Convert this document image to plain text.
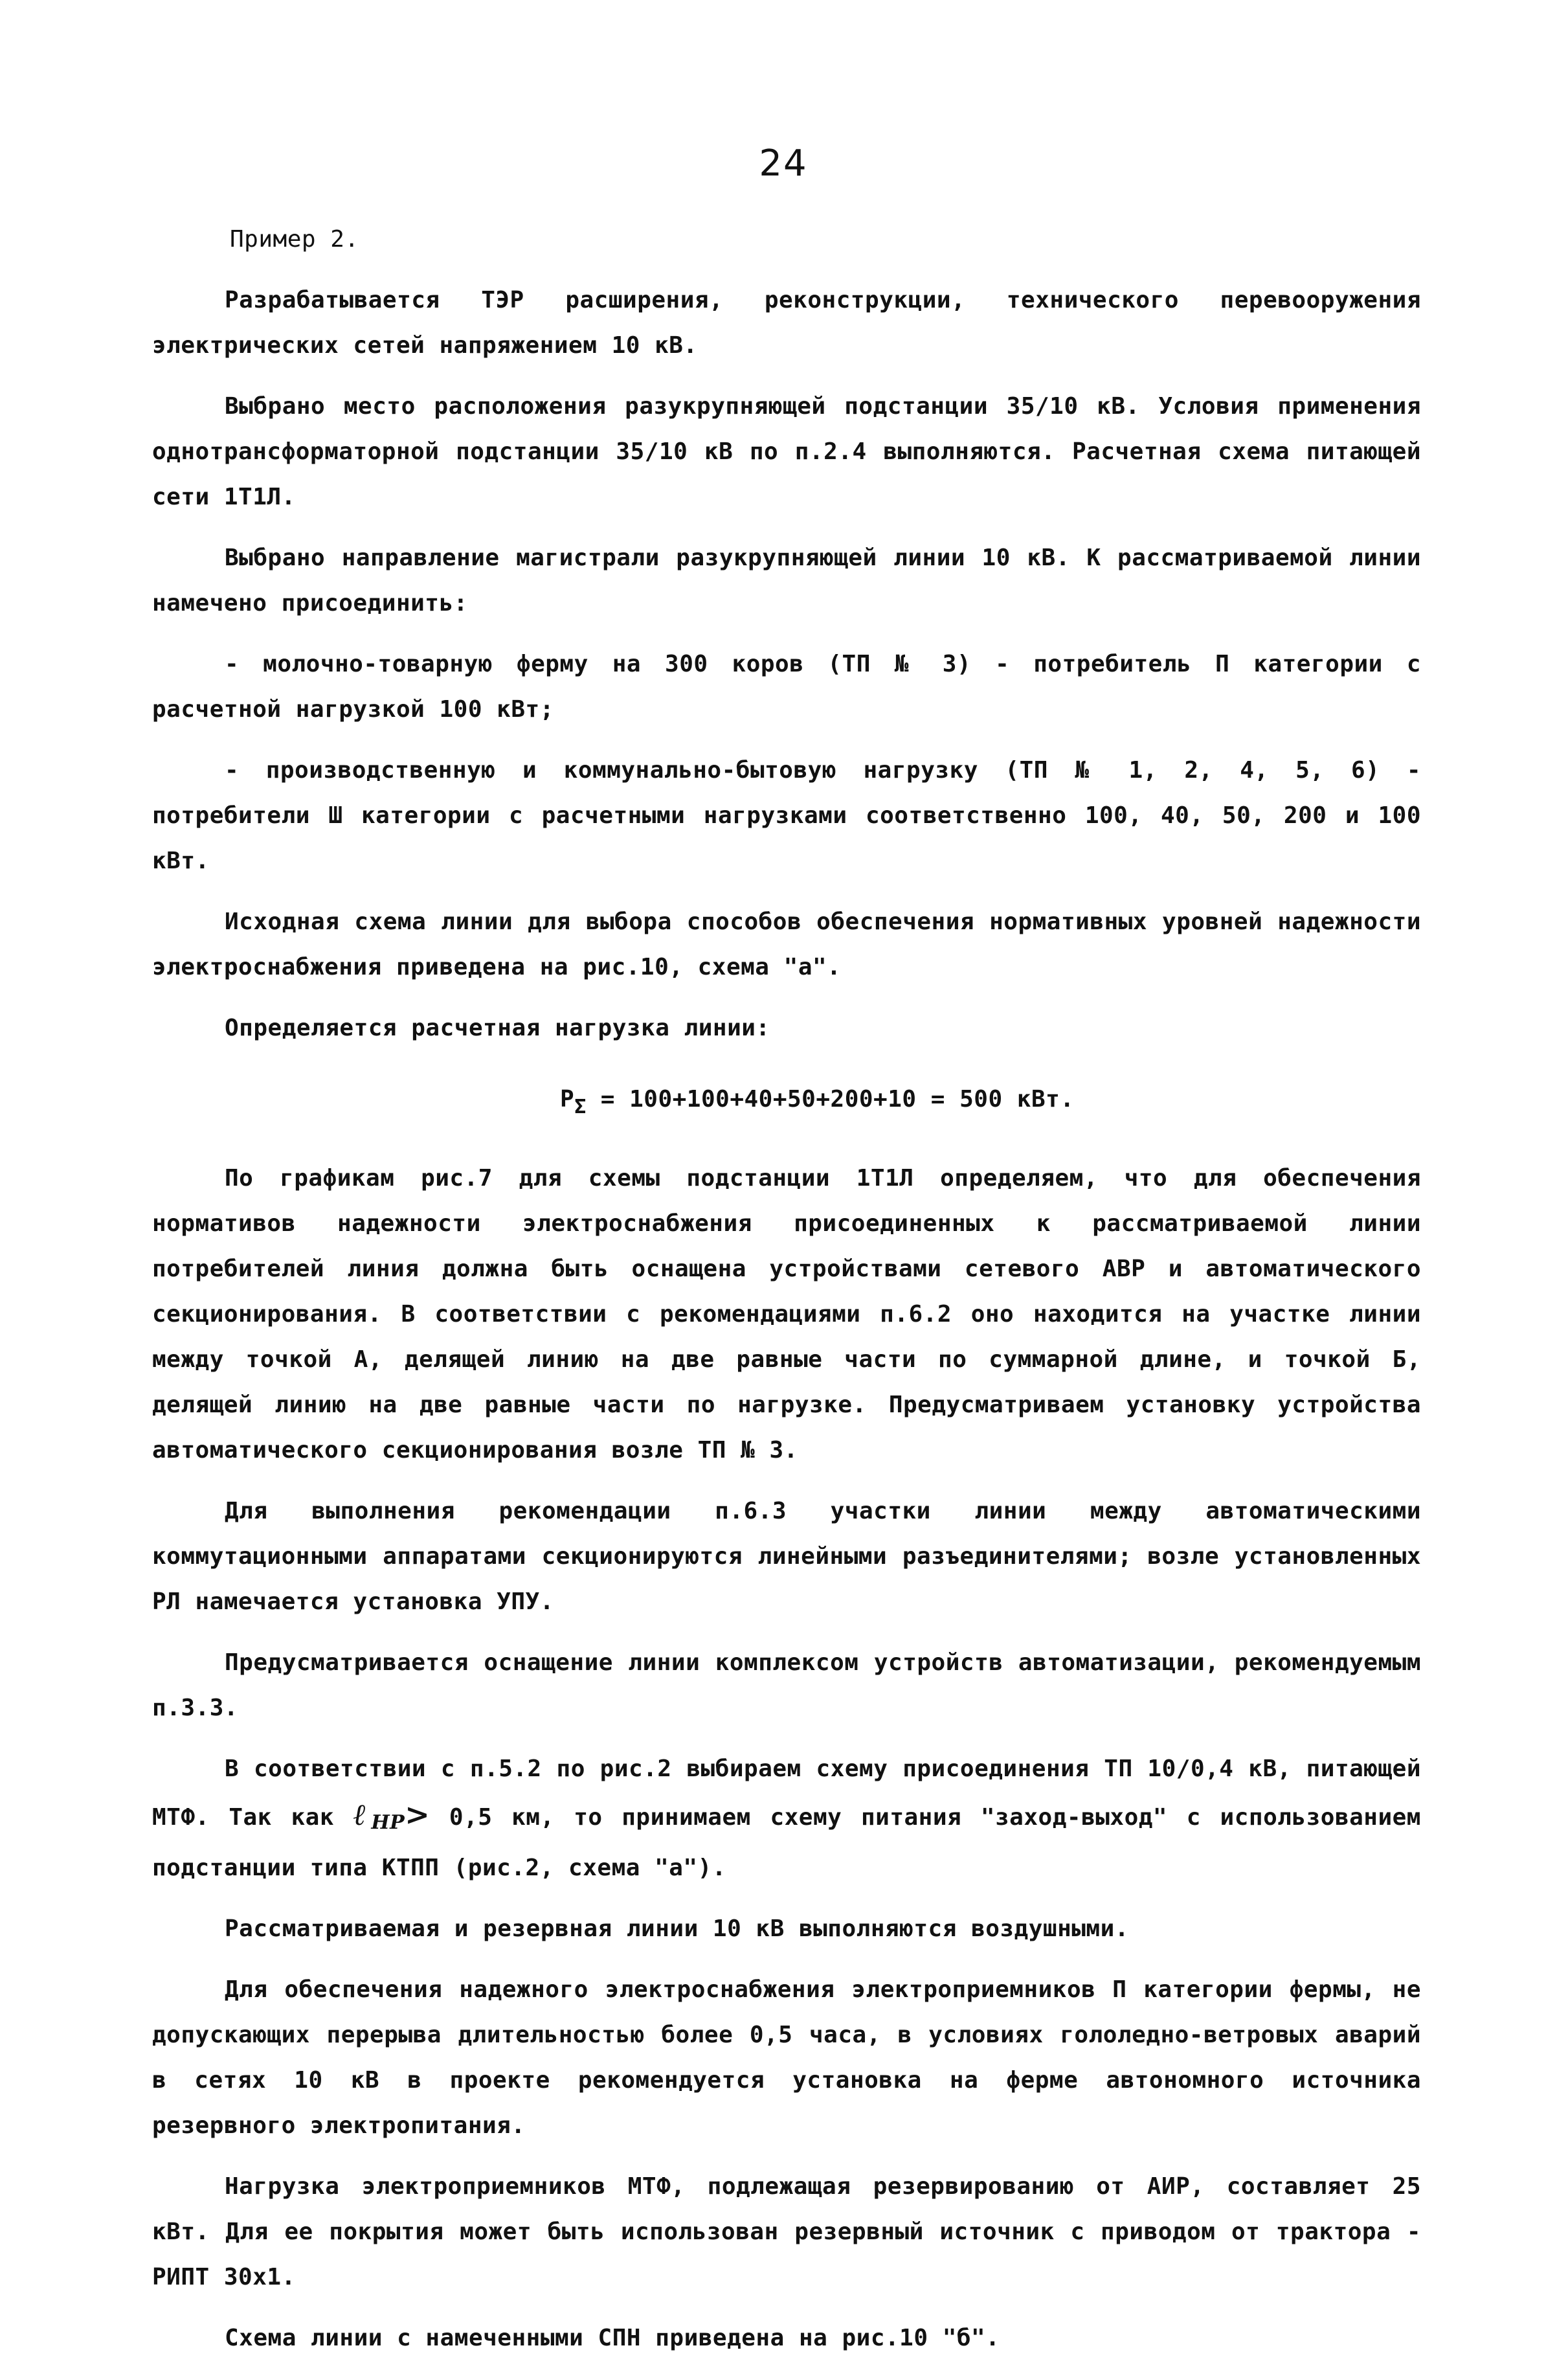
24

Пример 2.

Разрабатывается ТЭР расширения, реконструкции, технического перевооружения электрических сетей напряжением 10 кВ.

Выбрано место расположения разукрупняющей подстанции 35/10 кВ. Условия применения однотрансформаторной подстанции 35/10 кВ по п.2.4 выполняются. Расчетная схема питающей сети 1Т1Л.

Выбрано направление магистрали разукрупняющей линии 10 кВ. К рассматриваемой линии намечено присоединить:

- молочно-товарную ферму на 300 коров (ТП № 3) - потребитель П категории с расчетной нагрузкой 100 кВт;

- производственную и коммунально-бытовую нагрузку (ТП № 1, 2, 4, 5, 6) - потребители Ш категории с расчетными нагрузками соответственно 100, 40, 50, 200 и 100 кВт.

Исходная схема линии для выбора способов обеспечения нормативных уровней надежности электроснабжения приведена на рис.10, схема "а".

Определяется расчетная нагрузка линии:

$Р_\Sigma = 100+100+40+50+200+10 = 500$ кВт.

По графикам рис.7 для схемы подстанции 1Т1Л определяем, что для обеспечения нормативов надежности электроснабжения присоединенных к рассматриваемой линии потребителей линия должна быть оснащена устройствами сетевого АВР и автоматического секционирования. В соответствии с рекомендациями п.6.2 оно находится на участке линии между точкой А, делящей линию на две равные части по суммарной длине, и точкой Б, делящей линию на две равные части по нагрузке. Предусматриваем установку устройства автоматического секционирования возле ТП № 3.

Для выполнения рекомендации п.6.3 участки линии между автоматическими коммутационными аппаратами секционируются линейными разъединителями; возле установленных РЛ намечается установка УПУ.

Предусматривается оснащение линии комплексом устройств автоматизации, рекомендуемым п.3.3.

В соответствии с п.5.2 по рис.2 выбираем схему присоединения ТП 10/0,4 кВ, питающей МТФ. Так как ℓНР> 0,5 км, то принимаем схему питания "заход-выход" с использованием подстанции типа КТПП (рис.2, схема "а").

Рассматриваемая и резервная линии 10 кВ выполняются воздушными.

Для обеспечения надежного электроснабжения электроприемников П категории фермы, не допускающих перерыва длительностью более 0,5 часа, в условиях гололедно-ветровых аварий в сетях 10 кВ в проекте рекомендуется установка на ферме автономного источника резервного электропитания.

Нагрузка электроприемников МТФ, подлежащая резервированию от АИР, составляет 25 кВт. Для ее покрытия может быть использован резервный источник с приводом от трактора - РИПТ 30х1.

Схема линии с намеченными СПН приведена на рис.10 "б".
